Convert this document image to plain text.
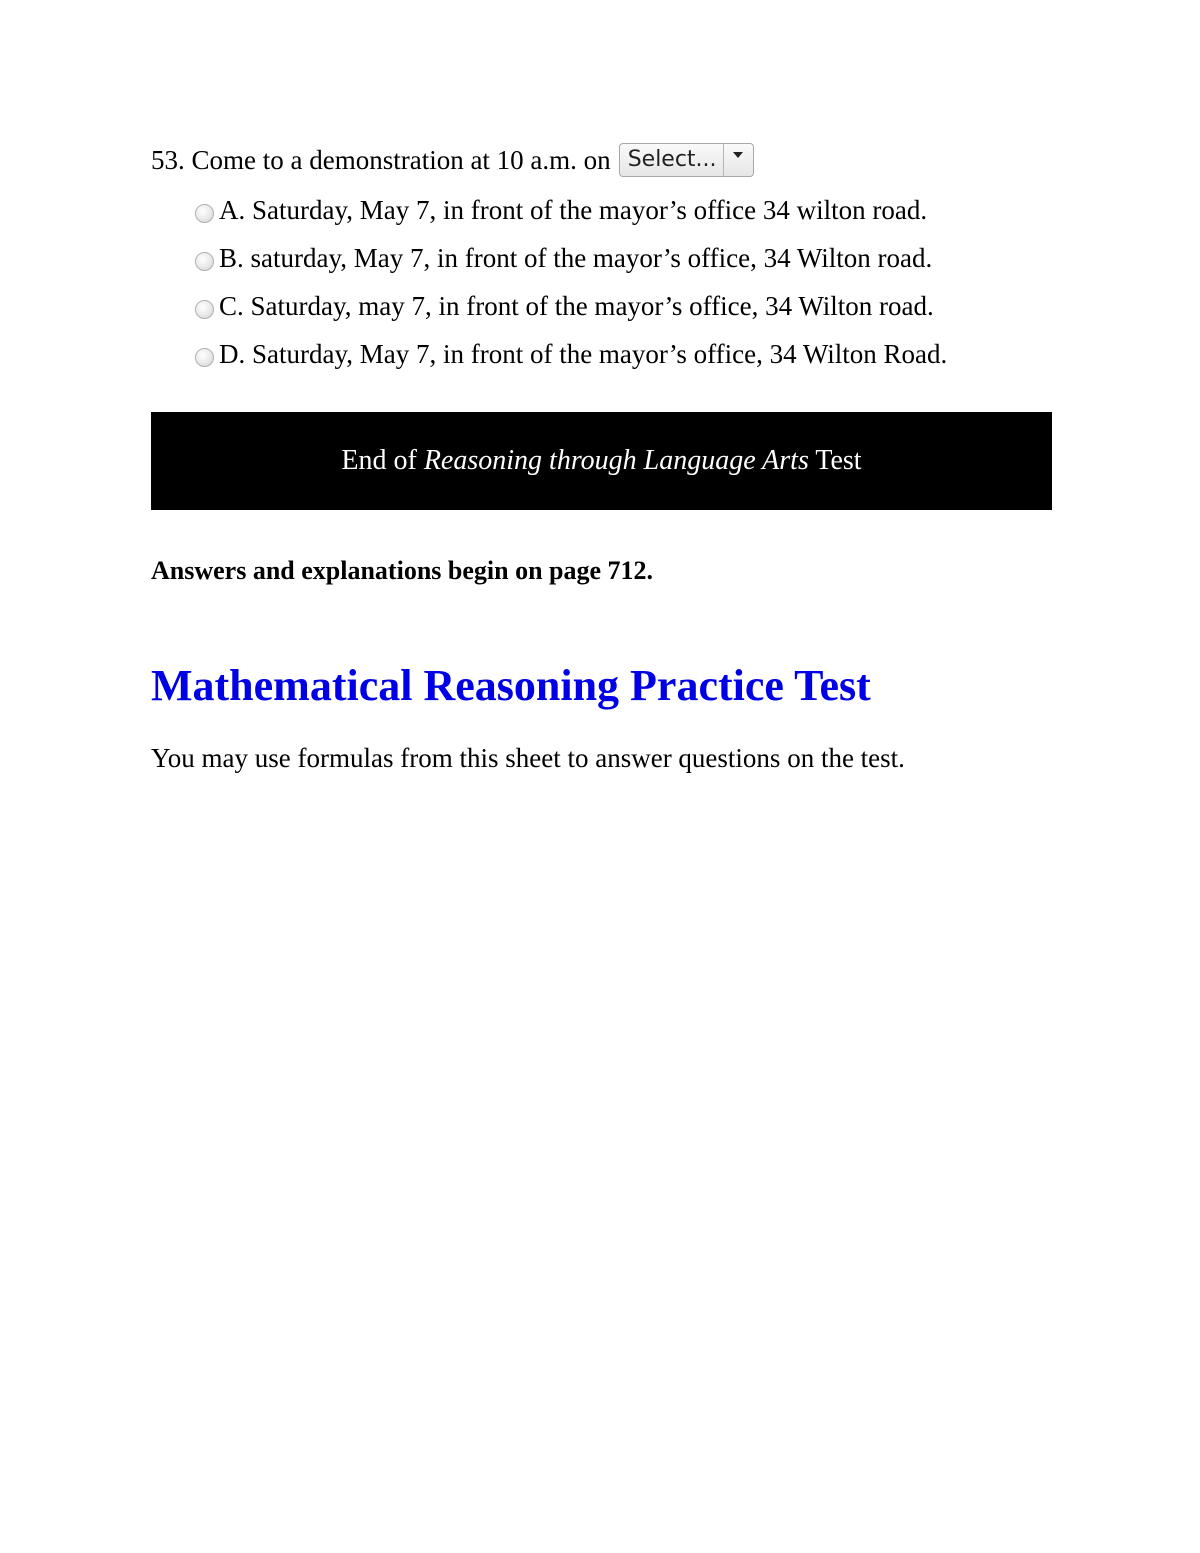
53. Come to a demonstration at 10 a.m. on Select...
A.
Saturday, May 7, in front of the mayor’s office 34 wilton road.
B.
saturday, May 7, in front of the mayor’s office, 34 Wilton road.
C.
Saturday, may 7, in front of the mayor’s office, 34 Wilton road.
D.
Saturday, May 7, in front of the mayor’s office, 34 Wilton Road.
End of Reasoning through Language Arts Test
Answers and explanations begin on page 712.
Mathematical Reasoning Practice Test
You may use formulas from this sheet to answer questions on the test.
